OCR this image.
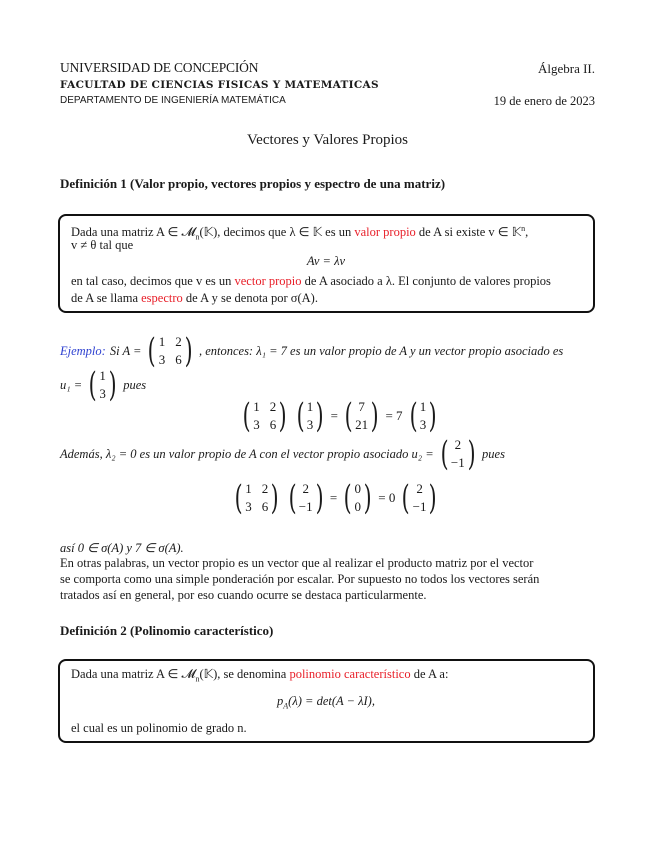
UNIVERSIDAD DE CONCEPCIÓN	Álgebra II.
FACULTAD DE CIENCIAS FISICAS Y MATEMATICAS
DEPARTAMENTO DE INGENIERÍA MATEMÁTICA	19 de enero de 2023
Vectores y Valores Propios
Definición 1 (Valor propio, vectores propios y espectro de una matriz)
Dada una matriz A ∈ 𝓜$_n$(𝕂), decimos que λ ∈ 𝕂 es un valor propio de A si existe v ∈ 𝕂$^n$,
v ≠ θ tal que
Av = λv
en tal caso, decimos que v es un vector propio de A asociado a λ. El conjunto de valores propios
de A se llama espectro de A y se denota por σ(A).
Ejemplo: Si A = ( 1 2
3 6 ) , entonces: λ₁ = 7 es un valor propio de A y un vector propio asociado es
u₁ = ( 1
3 ) pues
( 1 2
3 6 ) ( 1
3 ) = ( 7
21 ) = 7 ( 1
3 )
Además, λ₂ = 0 es un valor propio de A con el vector propio asociado u₂ = ( 2
−1 ) pues
( 1 2
3 6 ) ( 2
−1 ) = ( 0
0 ) = 0 ( 2
−1 )
así 0 ∈ σ(A) y 7 ∈ σ(A).
En otras palabras, un vector propio es un vector que al realizar el producto matriz por el vector
se comporta como una simple ponderación por escalar. Por supuesto no todos los vectores serán
tratados así en general, por eso cuando ocurre se destaca particularmente.
Definición 2 (Polinomio característico)
Dada una matriz A ∈ 𝓜$_n$(𝕂), se denomina polinomio característico de A a:
$p_A(\lambda) = \det(A - \lambda I)$,
el cual es un polinomio de grado n.
